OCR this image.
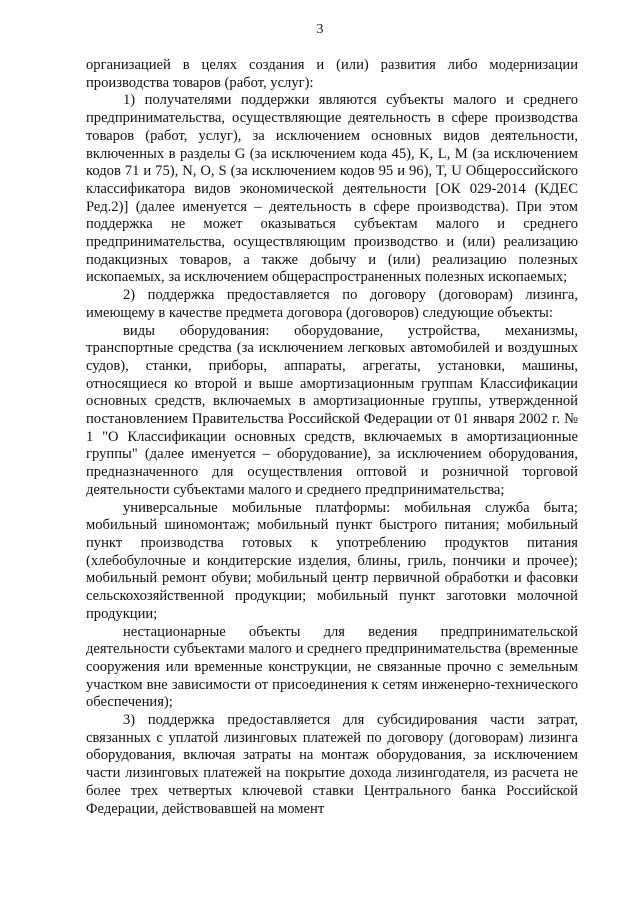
3

организацией в целях создания и (или) развития либо модернизации производства товаров (работ, услуг):

1) получателями поддержки являются субъекты малого и среднего предпринимательства, осуществляющие деятельность в сфере производства товаров (работ, услуг), за исключением основных видов деятельности, включенных в разделы G (за исключением кода 45), K, L, M (за исключением кодов 71 и 75), N, O, S (за исключением кодов 95 и 96), T, U Общероссийского классификатора видов экономической деятельности [ОК 029-2014 (КДЕС Ред.2)] (далее именуется – деятельность в сфере производства). При этом поддержка не может оказываться субъектам малого и среднего предпринимательства, осуществляющим производство и (или) реализацию подакцизных товаров, а также добычу и (или) реализацию полезных ископаемых, за исключением общераспространенных полезных ископаемых;

2) поддержка предоставляется по договору (договорам) лизинга, имеющему в качестве предмета договора (договоров) следующие объекты:

виды оборудования: оборудование, устройства, механизмы, транспортные средства (за исключением легковых автомобилей и воздушных судов), станки, приборы, аппараты, агрегаты, установки, машины, относящиеся ко второй и выше амортизационным группам Классификации основных средств, включаемых в амортизационные группы, утвержденной постановлением Правительства Российской Федерации от 01 января 2002 г. № 1 "О Классификации основных средств, включаемых в амортизационные группы" (далее именуется – оборудование), за исключением оборудования, предназначенного для осуществления оптовой и розничной торговой деятельности субъектами малого и среднего предпринимательства;

универсальные мобильные платформы: мобильная служба быта; мобильный шиномонтаж; мобильный пункт быстрого питания; мобильный пункт производства готовых к употреблению продуктов питания (хлебобулочные и кондитерские изделия, блины, гриль, пончики и прочее); мобильный ремонт обуви; мобильный центр первичной обработки и фасовки сельскохозяйственной продукции; мобильный пункт заготовки молочной продукции;

нестационарные объекты для ведения предпринимательской деятельности субъектами малого и среднего предпринимательства (временные сооружения или временные конструкции, не связанные прочно с земельным участком вне зависимости от присоединения к сетям инженерно-технического обеспечения);

3) поддержка предоставляется для субсидирования части затрат, связанных с уплатой лизинговых платежей по договору (договорам) лизинга оборудования, включая затраты на монтаж оборудования, за исключением части лизинговых платежей на покрытие дохода лизингодателя, из расчета не более трех четвертых ключевой ставки Центрального банка Российской Федерации, действовавшей на момент
